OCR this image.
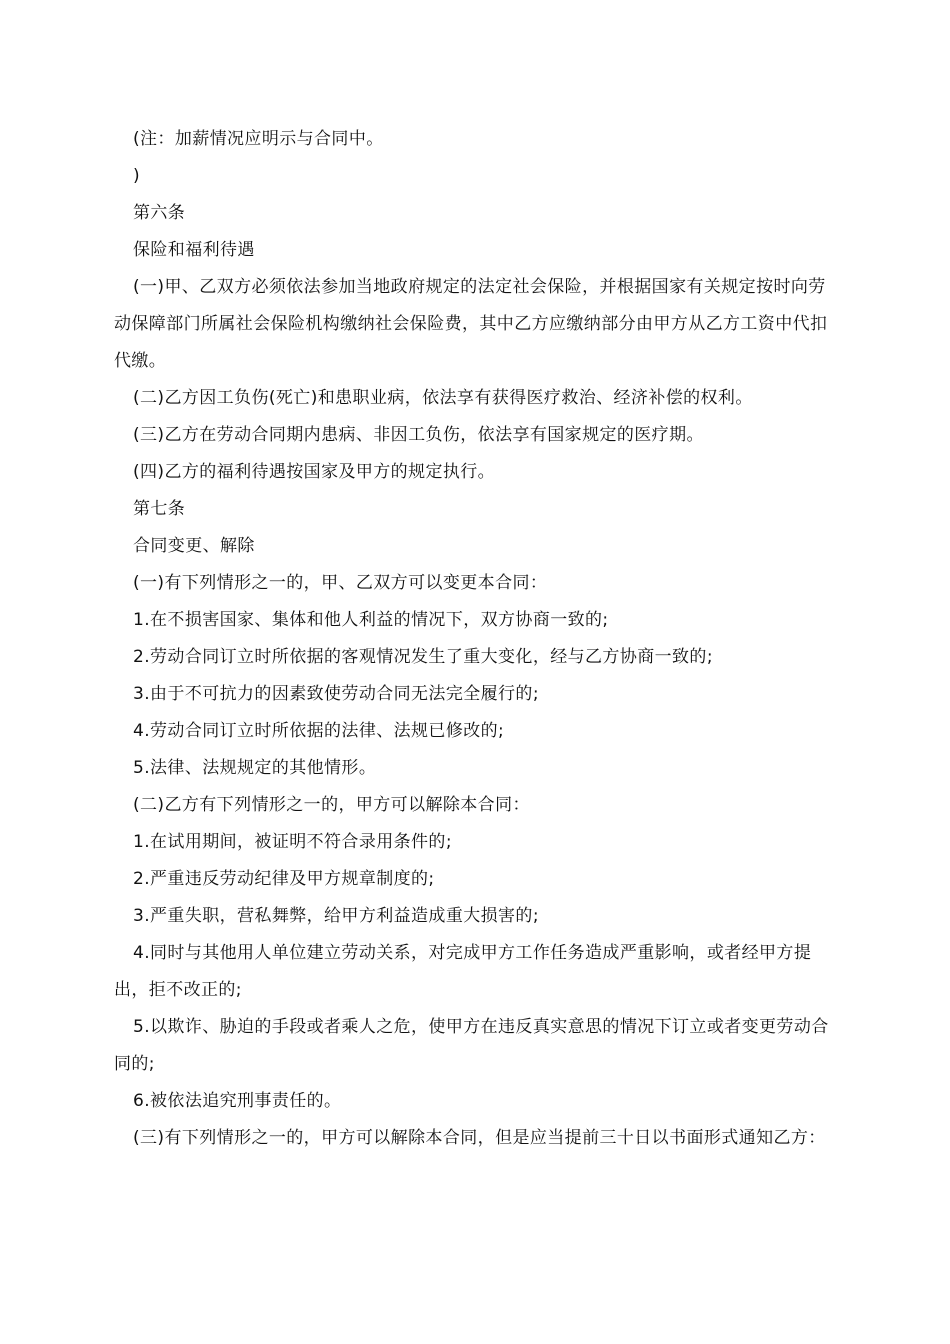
(注：加薪情况应明示与合同中。

)

第六条

保险和福利待遇

(一)甲、乙双方必须依法参加当地政府规定的法定社会保险，并根据国家有关规定按时向劳动保障部门所属社会保险机构缴纳社会保险费，其中乙方应缴纳部分由甲方从乙方工资中代扣代缴。

(二)乙方因工负伤(死亡)和患职业病，依法享有获得医疗救治、经济补偿的权利。

(三)乙方在劳动合同期内患病、非因工负伤，依法享有国家规定的医疗期。

(四)乙方的福利待遇按国家及甲方的规定执行。

第七条

合同变更、解除

(一)有下列情形之一的，甲、乙双方可以变更本合同：

1.在不损害国家、集体和他人利益的情况下，双方协商一致的;

2.劳动合同订立时所依据的客观情况发生了重大变化，经与乙方协商一致的;

3.由于不可抗力的因素致使劳动合同无法完全履行的;

4.劳动合同订立时所依据的法律、法规已修改的;

5.法律、法规规定的其他情形。

(二)乙方有下列情形之一的，甲方可以解除本合同：

1.在试用期间，被证明不符合录用条件的;

2.严重违反劳动纪律及甲方规章制度的;

3.严重失职，营私舞弊，给甲方利益造成重大损害的;

4.同时与其他用人单位建立劳动关系，对完成甲方工作任务造成严重影响，或者经甲方提出，拒不改正的;

5.以欺诈、胁迫的手段或者乘人之危，使甲方在违反真实意思的情况下订立或者变更劳动合同的;

6.被依法追究刑事责任的。

(三)有下列情形之一的，甲方可以解除本合同，但是应当提前三十日以书面形式通知乙方：
